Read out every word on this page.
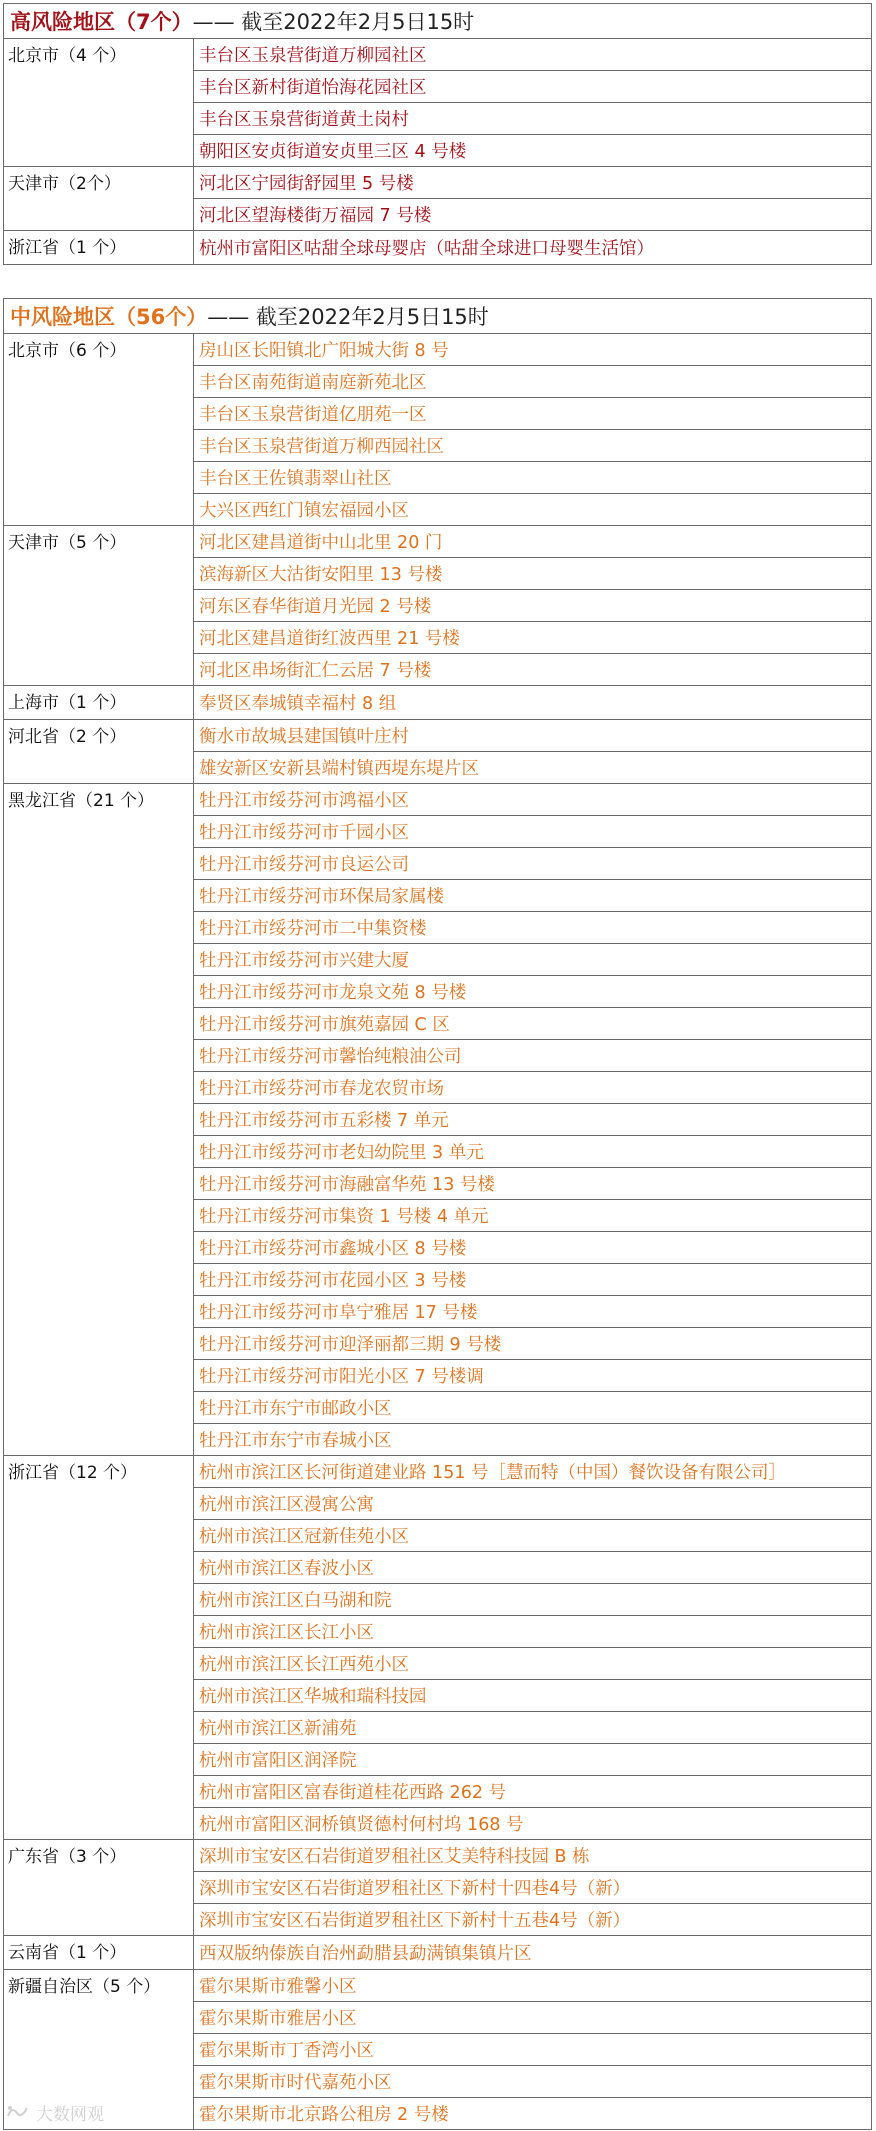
高风险地区（7个）—— 截至2022年2月5日15时	
北京市（4 个）	丰台区玉泉营街道万柳园社区
	丰台区新村街道怡海花园社区
	丰台区玉泉营街道黄土岗村
	朝阳区安贞街道安贞里三区 4 号楼
天津市（2个）	河北区宁园街舒园里 5 号楼
	河北区望海楼街万福园 7 号楼
浙江省（1 个）	杭州市富阳区咕甜全球母婴店（咕甜全球进口母婴生活馆）
中风险地区（56个）—— 截至2022年2月5日15时	
北京市（6 个）	房山区长阳镇北广阳城大街 8 号
	丰台区南苑街道南庭新苑北区
	丰台区玉泉营街道亿朋苑一区
	丰台区玉泉营街道万柳西园社区
	丰台区王佐镇翡翠山社区
	大兴区西红门镇宏福园小区
天津市（5 个）	河北区建昌道街中山北里 20 门
	滨海新区大沽街安阳里 13 号楼
	河东区春华街道月光园 2 号楼
	河北区建昌道街红波西里 21 号楼
	河北区串场街汇仁云居 7 号楼
上海市（1 个）	奉贤区奉城镇幸福村 8 组
河北省（2 个）	衡水市故城县建国镇叶庄村
	雄安新区安新县端村镇西堤东堤片区
黑龙江省（21 个）	牡丹江市绥芬河市鸿福小区
	牡丹江市绥芬河市千园小区
	牡丹江市绥芬河市良运公司
	牡丹江市绥芬河市环保局家属楼
	牡丹江市绥芬河市二中集资楼
	牡丹江市绥芬河市兴建大厦
	牡丹江市绥芬河市龙泉文苑 8 号楼
	牡丹江市绥芬河市旗苑嘉园 C 区
	牡丹江市绥芬河市馨怡纯粮油公司
	牡丹江市绥芬河市春龙农贸市场
	牡丹江市绥芬河市五彩楼 7 单元
	牡丹江市绥芬河市老妇幼院里 3 单元
	牡丹江市绥芬河市海融富华苑 13 号楼
	牡丹江市绥芬河市集资 1 号楼 4 单元
	牡丹江市绥芬河市鑫城小区 8 号楼
	牡丹江市绥芬河市花园小区 3 号楼
	牡丹江市绥芬河市阜宁雅居 17 号楼
	牡丹江市绥芬河市迎泽丽都三期 9 号楼
	牡丹江市绥芬河市阳光小区 7 号楼调
	牡丹江市东宁市邮政小区
	牡丹江市东宁市春城小区
浙江省（12 个）	杭州市滨江区长河街道建业路 151 号［慧而特（中国）餐饮设备有限公司］
	杭州市滨江区漫寓公寓
	杭州市滨江区冠新佳苑小区
	杭州市滨江区春波小区
	杭州市滨江区白马湖和院
	杭州市滨江区长江小区
	杭州市滨江区长江西苑小区
	杭州市滨江区华城和瑞科技园
	杭州市滨江区新浦苑
	杭州市富阳区润泽院
	杭州市富阳区富春街道桂花西路 262 号
	杭州市富阳区洞桥镇贤德村何村坞 168 号
广东省（3 个）	深圳市宝安区石岩街道罗租社区艾美特科技园 B 栋
	深圳市宝安区石岩街道罗租社区下新村十四巷4号（新）
	深圳市宝安区石岩街道罗租社区下新村十五巷4号（新）
云南省（1 个）	西双版纳傣族自治州勐腊县勐满镇集镇片区
新疆自治区（5 个）	霍尔果斯市雅馨小区
	霍尔果斯市雅居小区
	霍尔果斯市丁香湾小区
	霍尔果斯市时代嘉苑小区
	霍尔果斯市北京路公租房 2 号楼
大数网观
